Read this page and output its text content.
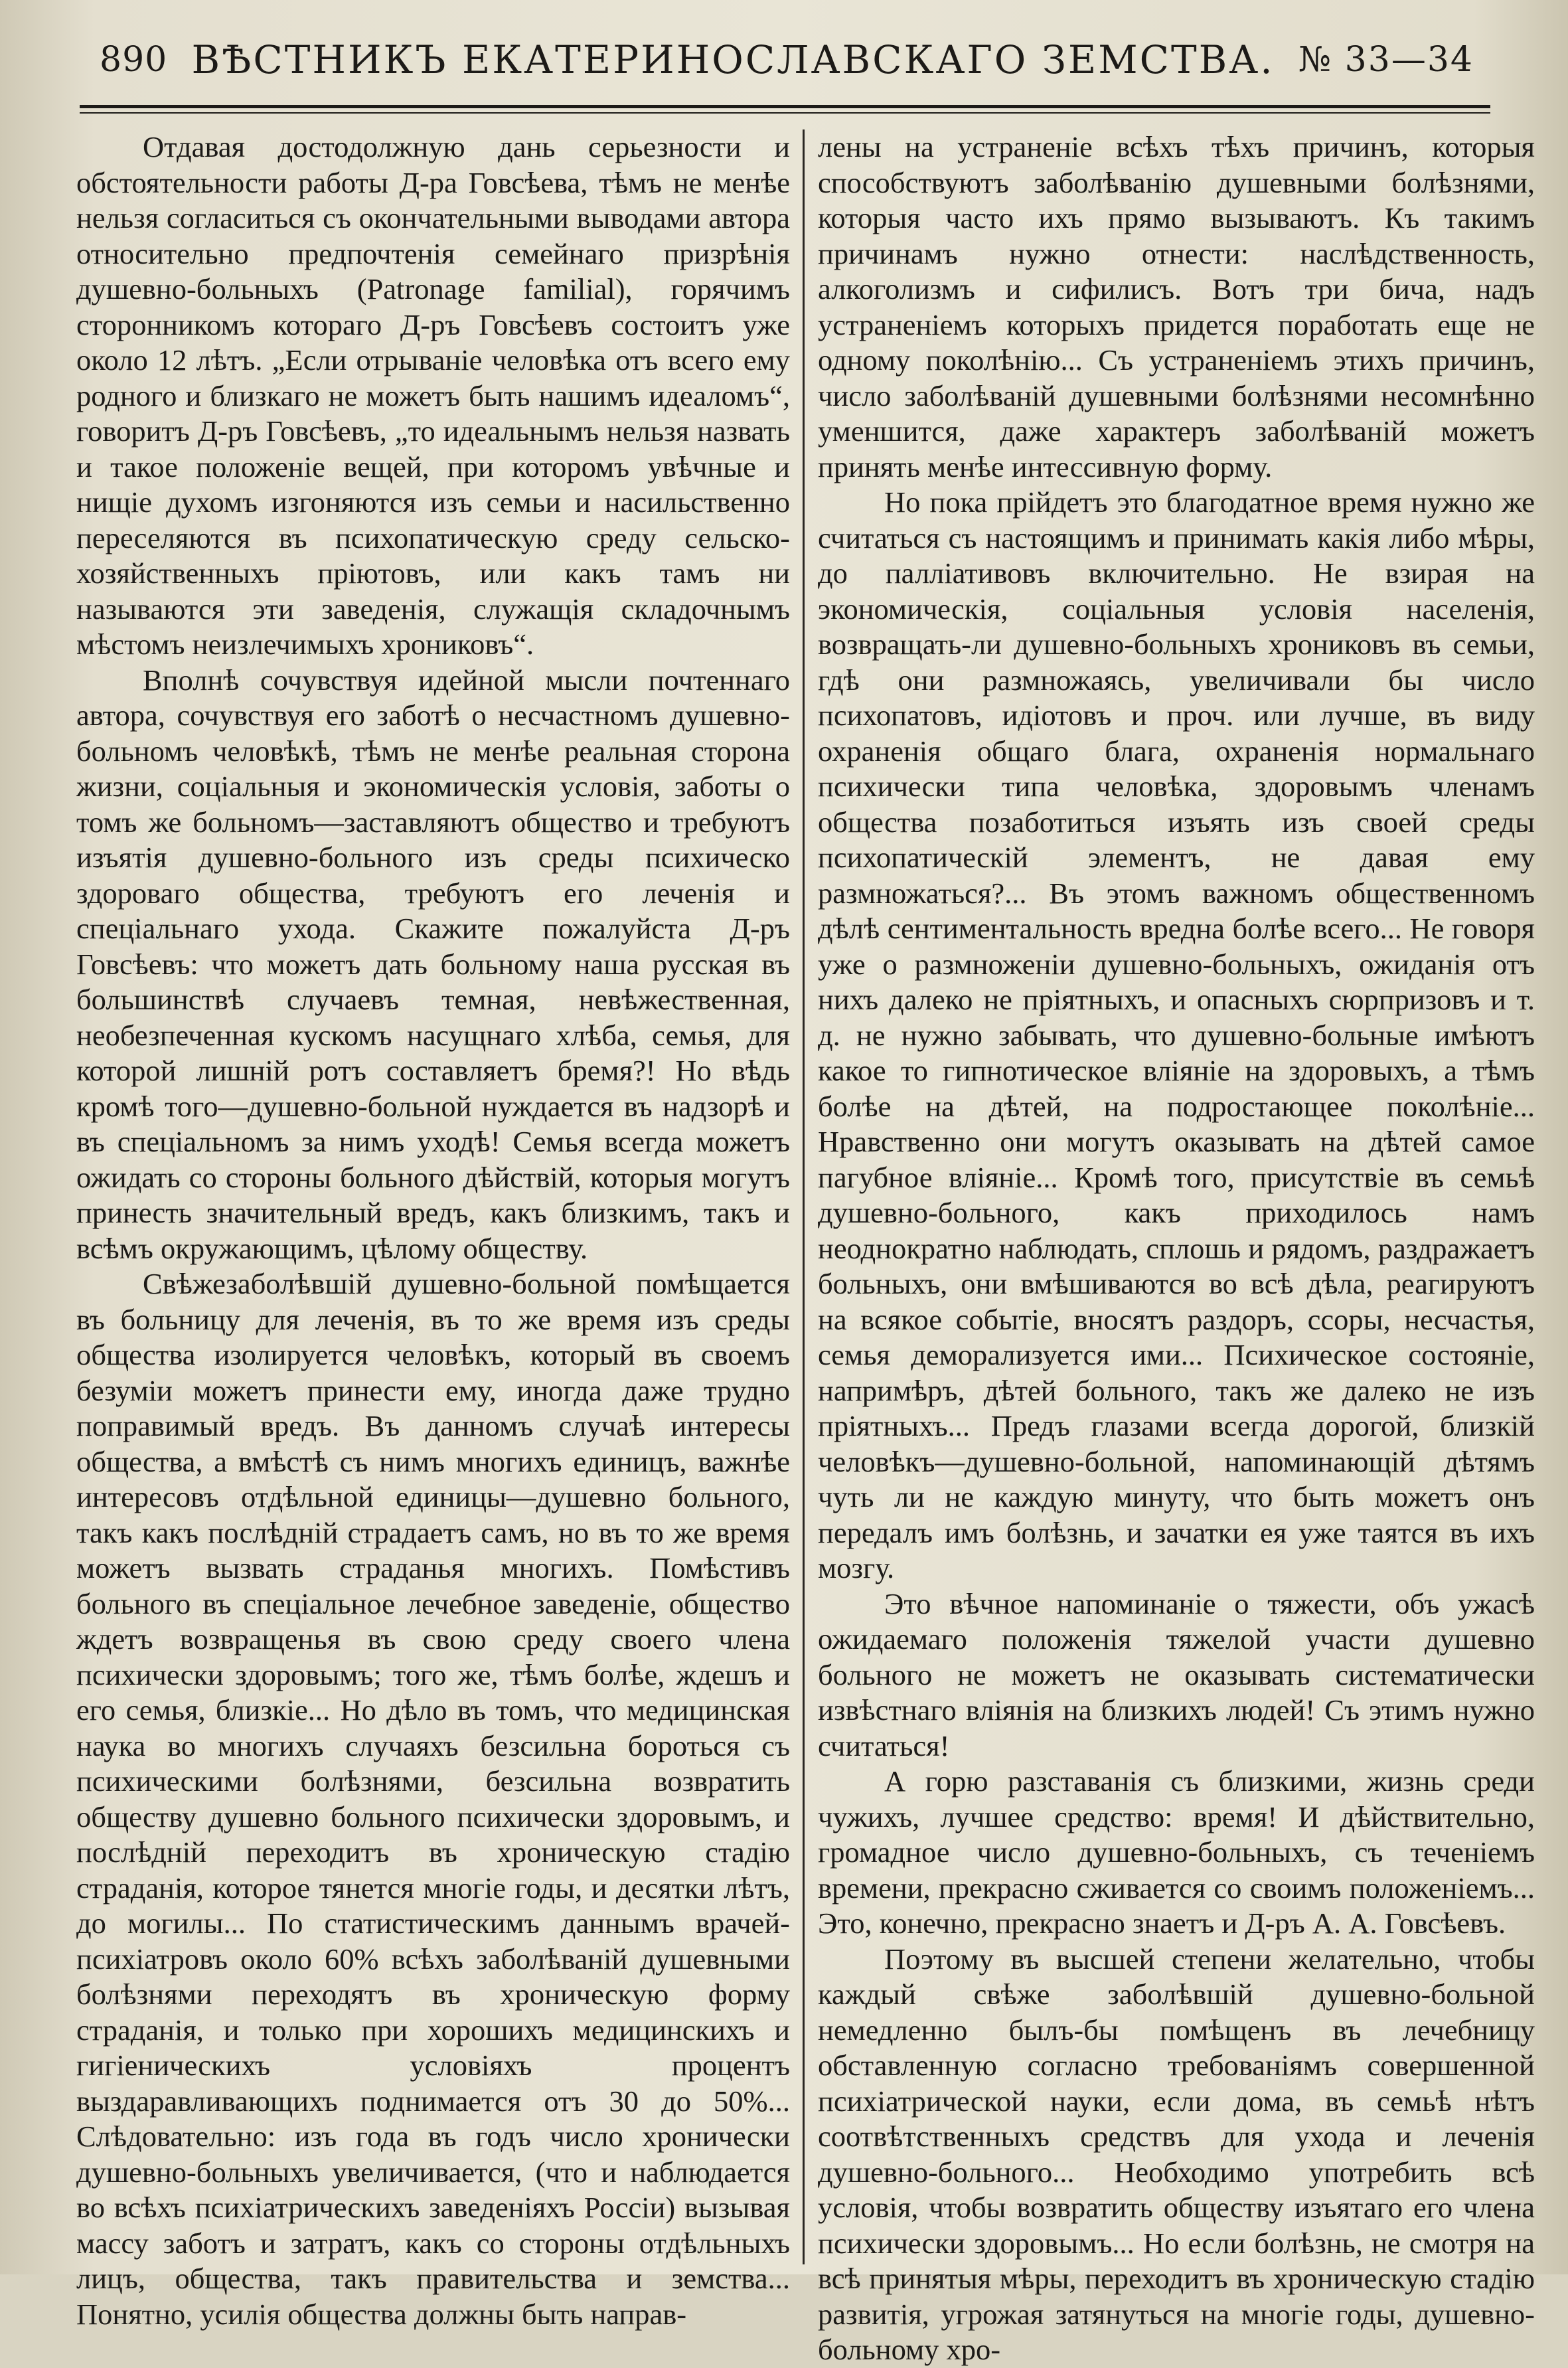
890 ВѢСТНИКЪ ЕКАТЕРИНОСЛАВСКАГО ЗЕМСТВА. № 33—34

Отдавая достодолжную дань серьезности и обстоятельности работы Д-ра Говсѣева, тѣмъ не менѣе нельзя согласиться съ окончательными выводами автора относительно предпочтенія семейнаго призрѣнія душевно-больныхъ (Patronage familial), горячимъ сторонникомъ котораго Д-ръ Говсѣевъ состоитъ уже около 12 лѣтъ. „Если отрываніе человѣка отъ всего ему родного и близкаго не можетъ быть нашимъ идеаломъ“, говоритъ Д-ръ Говсѣевъ, „то идеальнымъ нельзя назвать и такое положеніе вещей, при которомъ увѣчные и нищіе духомъ изгоняются изъ семьи и насильственно переселяются въ психопатическую среду сельско-хозяйственныхъ пріютовъ, или какъ тамъ ни называются эти заведенія, служащія складочнымъ мѣстомъ неизлечимыхъ хрониковъ“.

Вполнѣ сочувствуя идейной мысли почтеннаго автора, сочувствуя его заботѣ о несчастномъ душевно-больномъ человѣкѣ, тѣмъ не менѣе реальная сторона жизни, соціальныя и экономическія условія, заботы о томъ же больномъ—заставляютъ общество и требуютъ изъятія душевно-больного изъ среды психическо здороваго общества, требуютъ его леченія и спеціальнаго ухода. Скажите пожалуйста Д-ръ Говсѣевъ: что можетъ дать больному наша русская въ большинствѣ случаевъ темная, невѣжественная, необезпеченная кускомъ насущнаго хлѣба, семья, для которой лишній ротъ составляетъ бремя?! Но вѣдь кромѣ того—душевно-больной нуждается въ надзорѣ и въ спеціальномъ за нимъ уходѣ! Семья всегда можетъ ожидать со стороны больного дѣйствій, которыя могутъ принесть значительный вредъ, какъ близкимъ, такъ и всѣмъ окружающимъ, цѣлому обществу.

Свѣжезаболѣвшій душевно-больной помѣщается въ больницу для леченія, въ то же время изъ среды общества изолируется человѣкъ, который въ своемъ безуміи можетъ принести ему, иногда даже трудно поправимый вредъ. Въ данномъ случаѣ интересы общества, а вмѣстѣ съ нимъ многихъ единицъ, важнѣе интересовъ отдѣльной единицы—душевно больного, такъ какъ послѣдній страдаетъ самъ, но въ то же время можетъ вызвать страданья многихъ. Помѣстивъ больного въ спеціальное лечебное заведеніе, общество ждетъ возвращенья въ свою среду своего члена психически здоровымъ; того же, тѣмъ болѣе, ждешъ и его семья, близкіе... Но дѣло въ томъ, что медицинская наука во многихъ случаяхъ безсильна бороться съ психическими болѣзнями, безсильна возвратить обществу душевно больного психически здоровымъ, и послѣдній переходитъ въ хроническую стадію страданія, которое тянется многіе годы, и десятки лѣтъ, до могилы... По статистическимъ даннымъ врачей-психіатровъ около 60% всѣхъ заболѣваній душевными болѣзнями переходятъ въ хроническую форму страданія, и только при хорошихъ медицинскихъ и гигіеническихъ условіяхъ процентъ выздаравливающихъ поднимается отъ 30 до 50%... Слѣдовательно: изъ года въ годъ число хронически душевно-больныхъ увеличивается, (что и наблюдается во всѣхъ психіатрическихъ заведеніяхъ Россіи) вызывая массу заботъ и затратъ, какъ со стороны отдѣльныхъ лицъ, общества, такъ правительства и земства... Понятно, усилія общества должны быть направ-

лены на устраненіе всѣхъ тѣхъ причинъ, которыя способствуютъ заболѣванію душевными болѣзнями, которыя часто ихъ прямо вызываютъ. Къ такимъ причинамъ нужно отнести: наслѣдственность, алкоголизмъ и сифилисъ. Вотъ три бича, надъ устраненіемъ которыхъ придется поработать еще не одному поколѣнію... Съ устраненіемъ этихъ причинъ, число заболѣваній душевными болѣзнями несомнѣнно уменшится, даже характеръ заболѣваній можетъ принять менѣе интессивную форму.

Но пока прійдетъ это благодатное время нужно же считаться съ настоящимъ и принимать какія либо мѣры, до палліативовъ включительно. Не взирая на экономическія, соціальныя условія населенія, возвращать-ли душевно-больныхъ хрониковъ въ семьи, гдѣ они размножаясь, увеличивали бы число психопатовъ, идіотовъ и проч. или лучше, въ виду охраненія общаго блага, охраненія нормальнаго психически типа человѣка, здоровымъ членамъ общества позаботиться изъять изъ своей среды психопатическій элементъ, не давая ему размножаться?... Въ этомъ важномъ общественномъ дѣлѣ сентиментальность вредна болѣе всего... Не говоря уже о размноженіи душевно-больныхъ, ожиданія отъ нихъ далеко не пріятныхъ, и опасныхъ сюрпризовъ и т. д. не нужно забывать, что душевно-больные имѣютъ какое то гипнотическое вліяніе на здоровыхъ, а тѣмъ болѣе на дѣтей, на подростающее поколѣніе... Нравственно они могутъ оказывать на дѣтей самое пагубное вліяніе... Кромѣ того, присутствіе въ семьѣ душевно-больного, какъ приходилось намъ неоднократно наблюдать, сплошь и рядомъ, раздражаетъ больныхъ, они вмѣшиваются во всѣ дѣла, реагируютъ на всякое событіе, вносятъ раздоръ, ссоры, несчастья, семья деморализуется ими... Психическое состояніе, напримѣръ, дѣтей больного, такъ же далеко не изъ пріятныхъ... Предъ глазами всегда дорогой, близкій человѣкъ—душевно-больной, напоминающій дѣтямъ чуть ли не каждую минуту, что быть можетъ онъ передалъ имъ болѣзнь, и зачатки ея уже таятся въ ихъ мозгу.

Это вѣчное напоминаніе о тяжести, объ ужасѣ ожидаемаго положенія тяжелой участи душевно больного не можетъ не оказывать систематически извѣстнаго вліянія на близкихъ людей! Съ этимъ нужно считаться!

А горю разставанія съ близкими, жизнь среди чужихъ, лучшее средство: время! И дѣйствительно, громадное число душевно-больныхъ, съ теченіемъ времени, прекрасно сживается со своимъ положеніемъ... Это, конечно, прекрасно знаетъ и Д-ръ А. А. Говсѣевъ.

Поэтому въ высшей степени желательно, чтобы каждый свѣже заболѣвшій душевно-больной немедленно былъ-бы помѣщенъ въ лечебницу обставленную согласно требованіямъ совершенной психіатрической науки, если дома, въ семьѣ нѣтъ соотвѣтственныхъ средствъ для ухода и леченія душевно-больного... Необходимо употребить всѣ условія, чтобы возвратить обществу изъятаго его члена психически здоровымъ... Но если болѣзнь, не смотря на всѣ принятыя мѣры, переходитъ въ хроническую стадію развитія, угрожая затянуться на многіе годы, душевно-больному хро-
